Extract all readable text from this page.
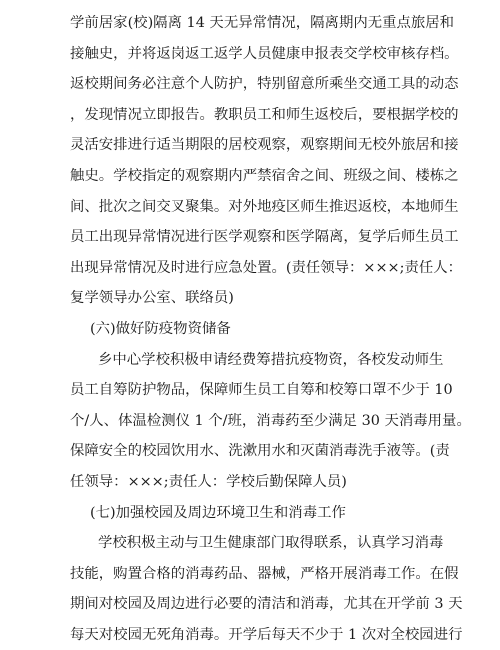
学前居家(校)隔离 14 天无异常情况，隔离期内无重点旅居和
接触史，并将返岗返工返学人员健康申报表交学校审核存档。
返校期间务必注意个人防护，特别留意所乘坐交通工具的动态
，发现情况立即报告。教职员工和师生返校后，要根据学校的
灵活安排进行适当期限的居校观察，观察期间无校外旅居和接
触史。学校指定的观察期内严禁宿舍之间、班级之间、楼栋之
间、批次之间交叉聚集。对外地疫区师生推迟返校，本地师生
员工出现异常情况进行医学观察和医学隔离，复学后师生员工
出现异常情况及时进行应急处置。(责任领导：×××;责任人：
复学领导办公室、联络员)
(六)做好防疫物资储备
乡中心学校积极申请经费筹措抗疫物资，各校发动师生
员工自筹防护物品，保障师生员工自筹和校筹口罩不少于 10
个/人、体温检测仪 1 个/班，消毒药至少满足 30 天消毒用量。
保障安全的校园饮用水、洗漱用水和灭菌消毒洗手液等。(责
任领导：×××;责任人：学校后勤保障人员)
(七)加强校园及周边环境卫生和消毒工作
学校积极主动与卫生健康部门取得联系，认真学习消毒
技能，购置合格的消毒药品、器械，严格开展消毒工作。在假
期间对校园及周边进行必要的清洁和消毒，尤其在开学前 3 天
每天对校园无死角消毒。开学后每天不少于 1 次对全校园进行
